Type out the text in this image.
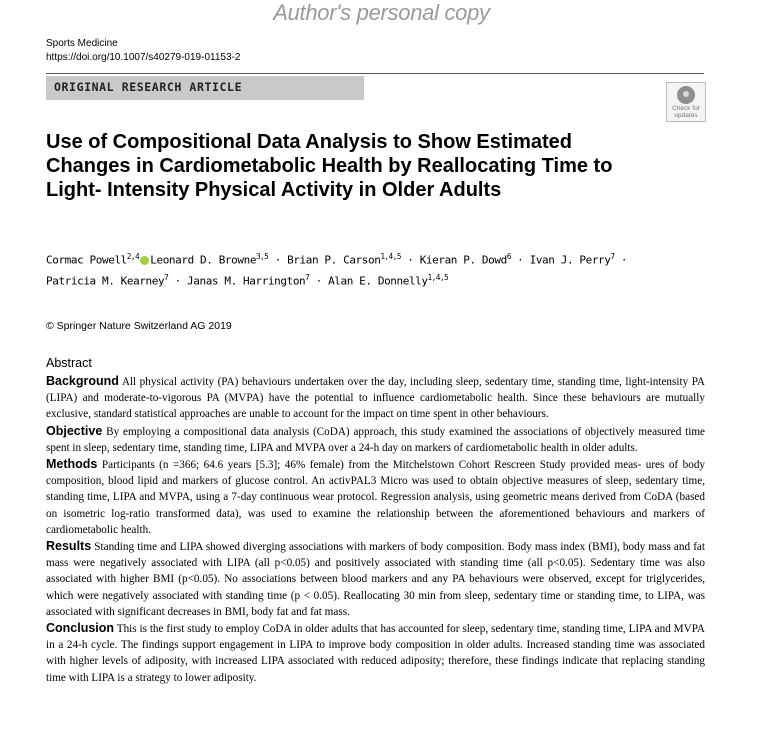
Author's personal copy
Sports Medicine
https://doi.org/10.1007/s40279-019-01153-2
ORIGINAL RESEARCH ARTICLE
Check for
updates
Use of Compositional Data Analysis to Show Estimated Changes in Cardiometabolic Health by Reallocating Time to Light- Intensity Physical Activity in Older Adults
Cormac Powell$^{2,4}$ Leonard D. Browne$^{3,5}$ · Brian P. Carson$^{1,4,5}$ · Kieran P. Dowd$^6$ · Ivan J. Perry$^7$ ·
Patricia M. Kearney$^7$ · Janas M. Harrington$^7$ · Alan E. Donnelly$^{1,4,5}$
© Springer Nature Switzerland AG 2019
Abstract

Background All physical activity (PA) behaviours undertaken over the day, including sleep, sedentary time, standing time, light-intensity PA (LIPA) and moderate-to-vigorous PA (MVPA) have the potential to influence cardiometabolic health. Since these behaviours are mutually exclusive, standard statistical approaches are unable to account for the impact on time spent in other behaviours.

Objective By employing a compositional data analysis (CoDA) approach, this study examined the associations of objectively measured time spent in sleep, sedentary time, standing time, LIPA and MVPA over a 24-h day on markers of cardiometabolic health in older adults.

Methods Participants (n =366; 64.6 years [5.3]; 46% female) from the Mitchelstown Cohort Rescreen Study provided meas- ures of body composition, blood lipid and markers of glucose control. An activPAL3 Micro was used to obtain objective measures of sleep, sedentary time, standing time, LIPA and MVPA, using a 7-day continuous wear protocol. Regression analysis, using geometric means derived from CoDA (based on isometric log-ratio transformed data), was used to examine the relationship between the aforementioned behaviours and markers of cardiometabolic health.

Results Standing time and LIPA showed diverging associations with markers of body composition. Body mass index (BMI), body mass and fat mass were negatively associated with LIPA (all p<0.05) and positively associated with standing time (all p<0.05). Sedentary time was also associated with higher BMI (p<0.05). No associations between blood markers and any PA behaviours were observed, except for triglycerides, which were negatively associated with standing time (p < 0.05). Reallocating 30 min from sleep, sedentary time or standing time, to LIPA, was associated with significant decreases in BMI, body fat and fat mass.

Conclusion This is the first study to employ CoDA in older adults that has accounted for sleep, sedentary time, standing time, LIPA and MVPA in a 24-h cycle. The findings support engagement in LIPA to improve body composition in older adults. Increased standing time was associated with higher levels of adiposity, with increased LIPA associated with reduced adiposity; therefore, these findings indicate that replacing standing time with LIPA is a strategy to lower adiposity.
